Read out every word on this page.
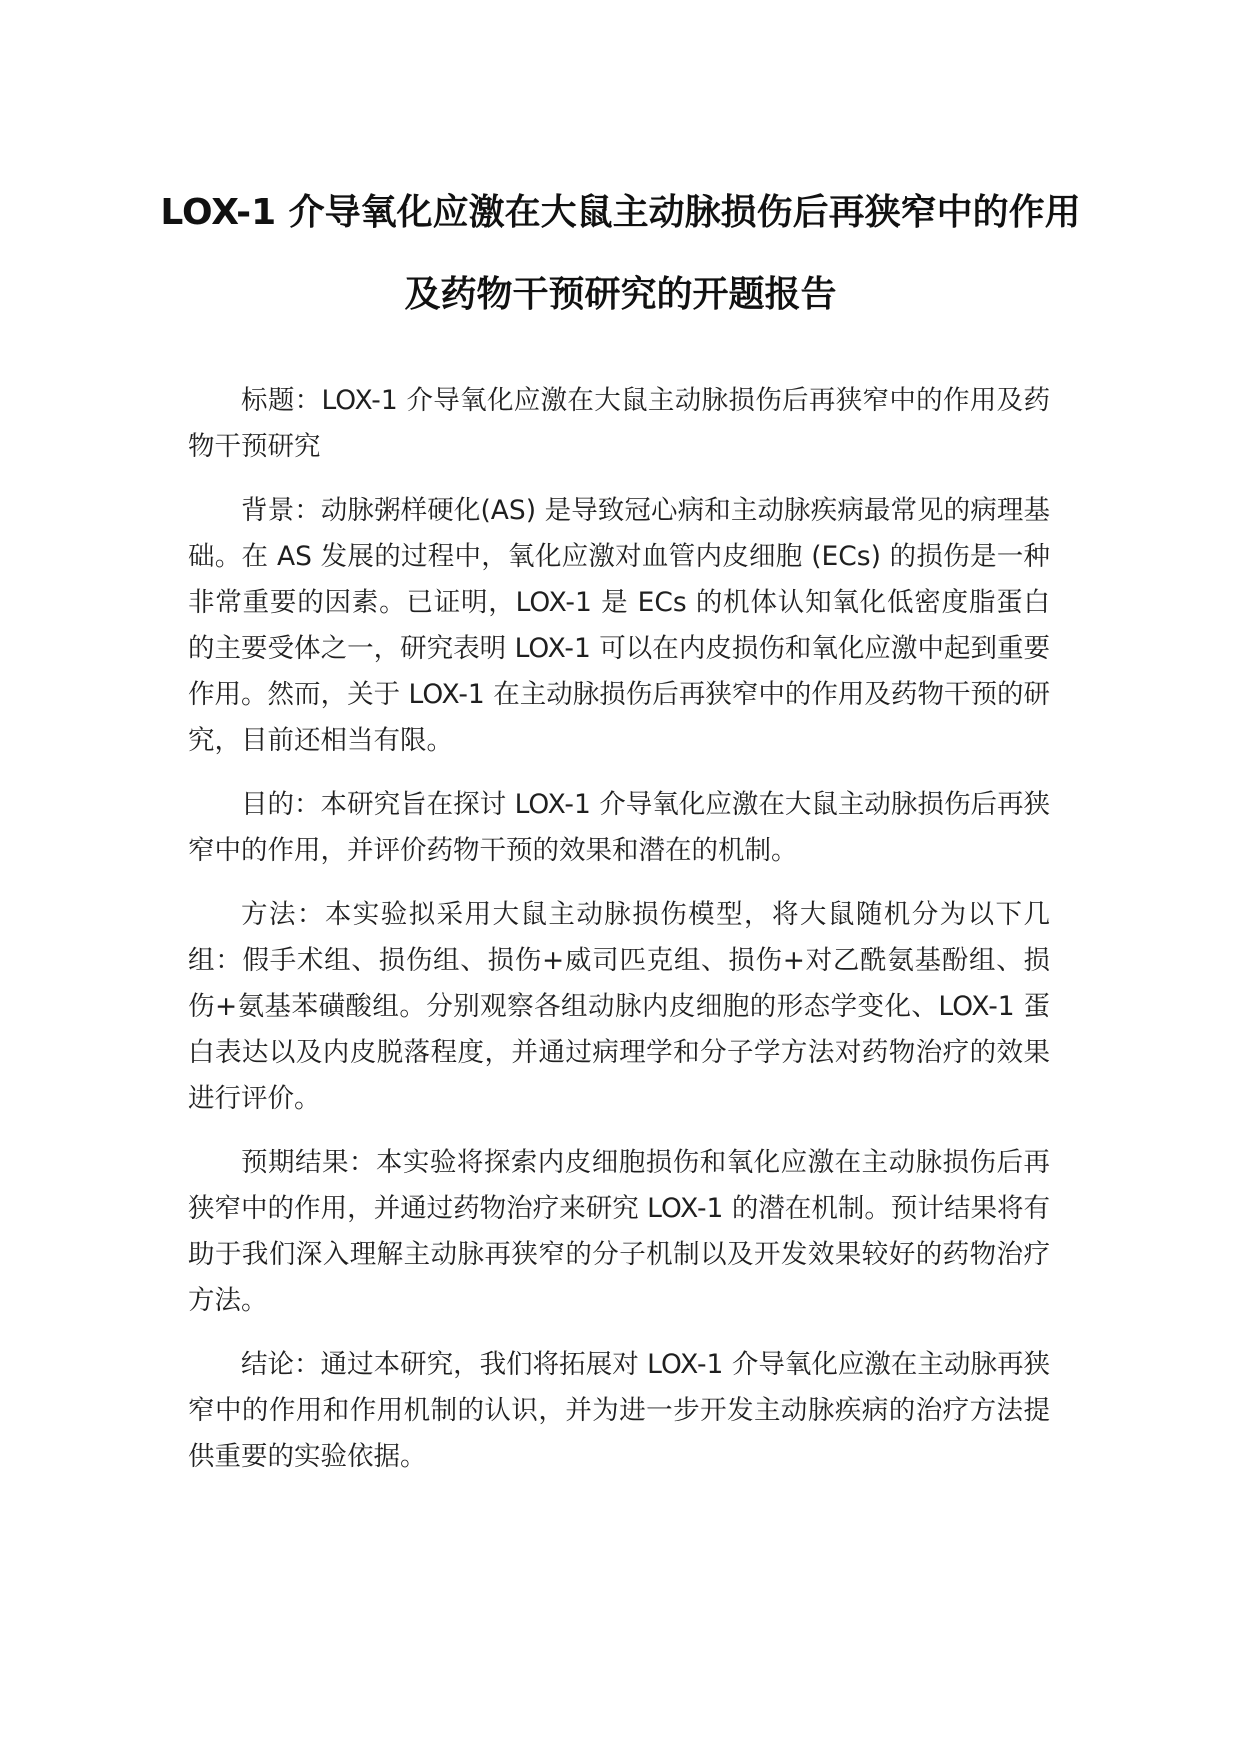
LOX-1 介导氧化应激在大鼠主动脉损伤后再狭窄中的作用及药物干预研究的开题报告

标题：LOX-1 介导氧化应激在大鼠主动脉损伤后再狭窄中的作用及药物干预研究

背景：动脉粥样硬化(AS) 是导致冠心病和主动脉疾病最常见的病理基础。在 AS 发展的过程中，氧化应激对血管内皮细胞 (ECs) 的损伤是一种非常重要的因素。已证明，LOX-1 是 ECs 的机体认知氧化低密度脂蛋白的主要受体之一，研究表明 LOX-1 可以在内皮损伤和氧化应激中起到重要作用。然而，关于 LOX-1 在主动脉损伤后再狭窄中的作用及药物干预的研究，目前还相当有限。

目的：本研究旨在探讨 LOX-1 介导氧化应激在大鼠主动脉损伤后再狭窄中的作用，并评价药物干预的效果和潜在的机制。

方法：本实验拟采用大鼠主动脉损伤模型，将大鼠随机分为以下几组：假手术组、损伤组、损伤+威司匹克组、损伤+对乙酰氨基酚组、损伤+氨基苯磺酸组。分别观察各组动脉内皮细胞的形态学变化、LOX-1 蛋白表达以及内皮脱落程度，并通过病理学和分子学方法对药物治疗的效果进行评价。

预期结果：本实验将探索内皮细胞损伤和氧化应激在主动脉损伤后再狭窄中的作用，并通过药物治疗来研究 LOX-1 的潜在机制。预计结果将有助于我们深入理解主动脉再狭窄的分子机制以及开发效果较好的药物治疗方法。

结论：通过本研究，我们将拓展对 LOX-1 介导氧化应激在主动脉再狭窄中的作用和作用机制的认识，并为进一步开发主动脉疾病的治疗方法提供重要的实验依据。
